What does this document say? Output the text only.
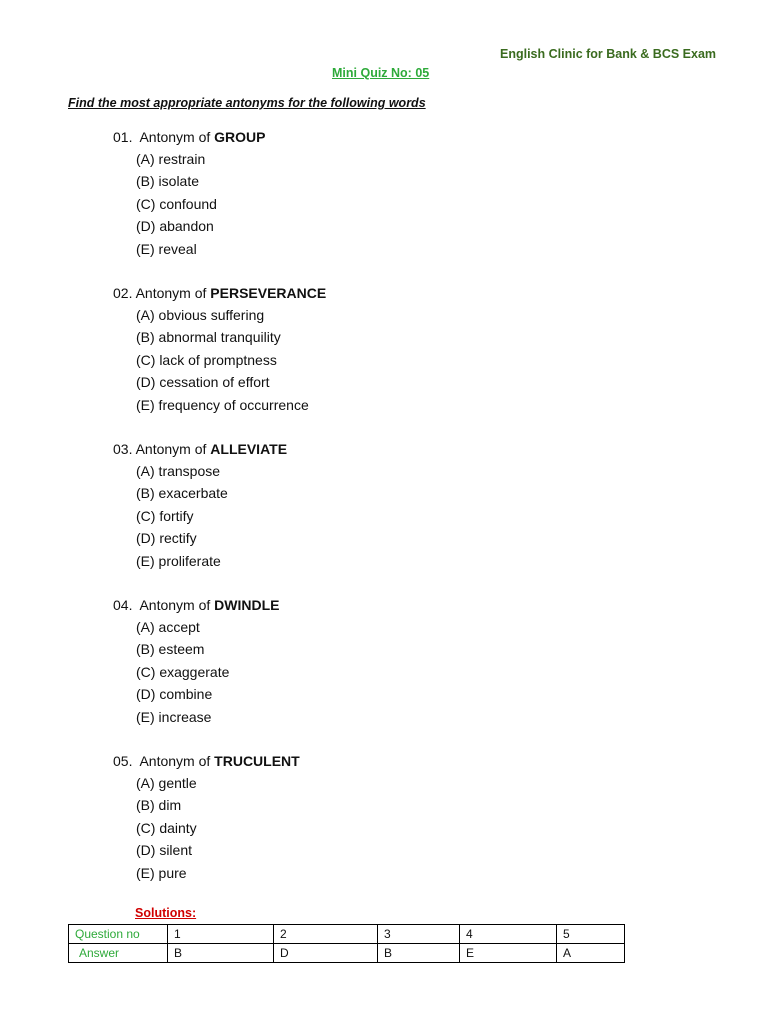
English Clinic for Bank & BCS Exam
Mini Quiz No: 05
Find the most appropriate antonyms for the following words
01.  Antonym of GROUP
(A) restrain
(B) isolate
(C) confound
(D) abandon
(E) reveal
02. Antonym of PERSEVERANCE
(A) obvious suffering
(B) abnormal tranquility
(C) lack of promptness
(D) cessation of effort
(E) frequency of occurrence
03. Antonym of ALLEVIATE
(A) transpose
(B) exacerbate
(C) fortify
(D) rectify
(E) proliferate
04.  Antonym of DWINDLE
(A) accept
(B) esteem
(C) exaggerate
(D) combine
(E) increase
05.  Antonym of TRUCULENT
(A) gentle
(B) dim
(C) dainty
(D) silent
(E) pure
Solutions:
Question no	1	2	3	4	5
Answer	B	D	B	E	A
